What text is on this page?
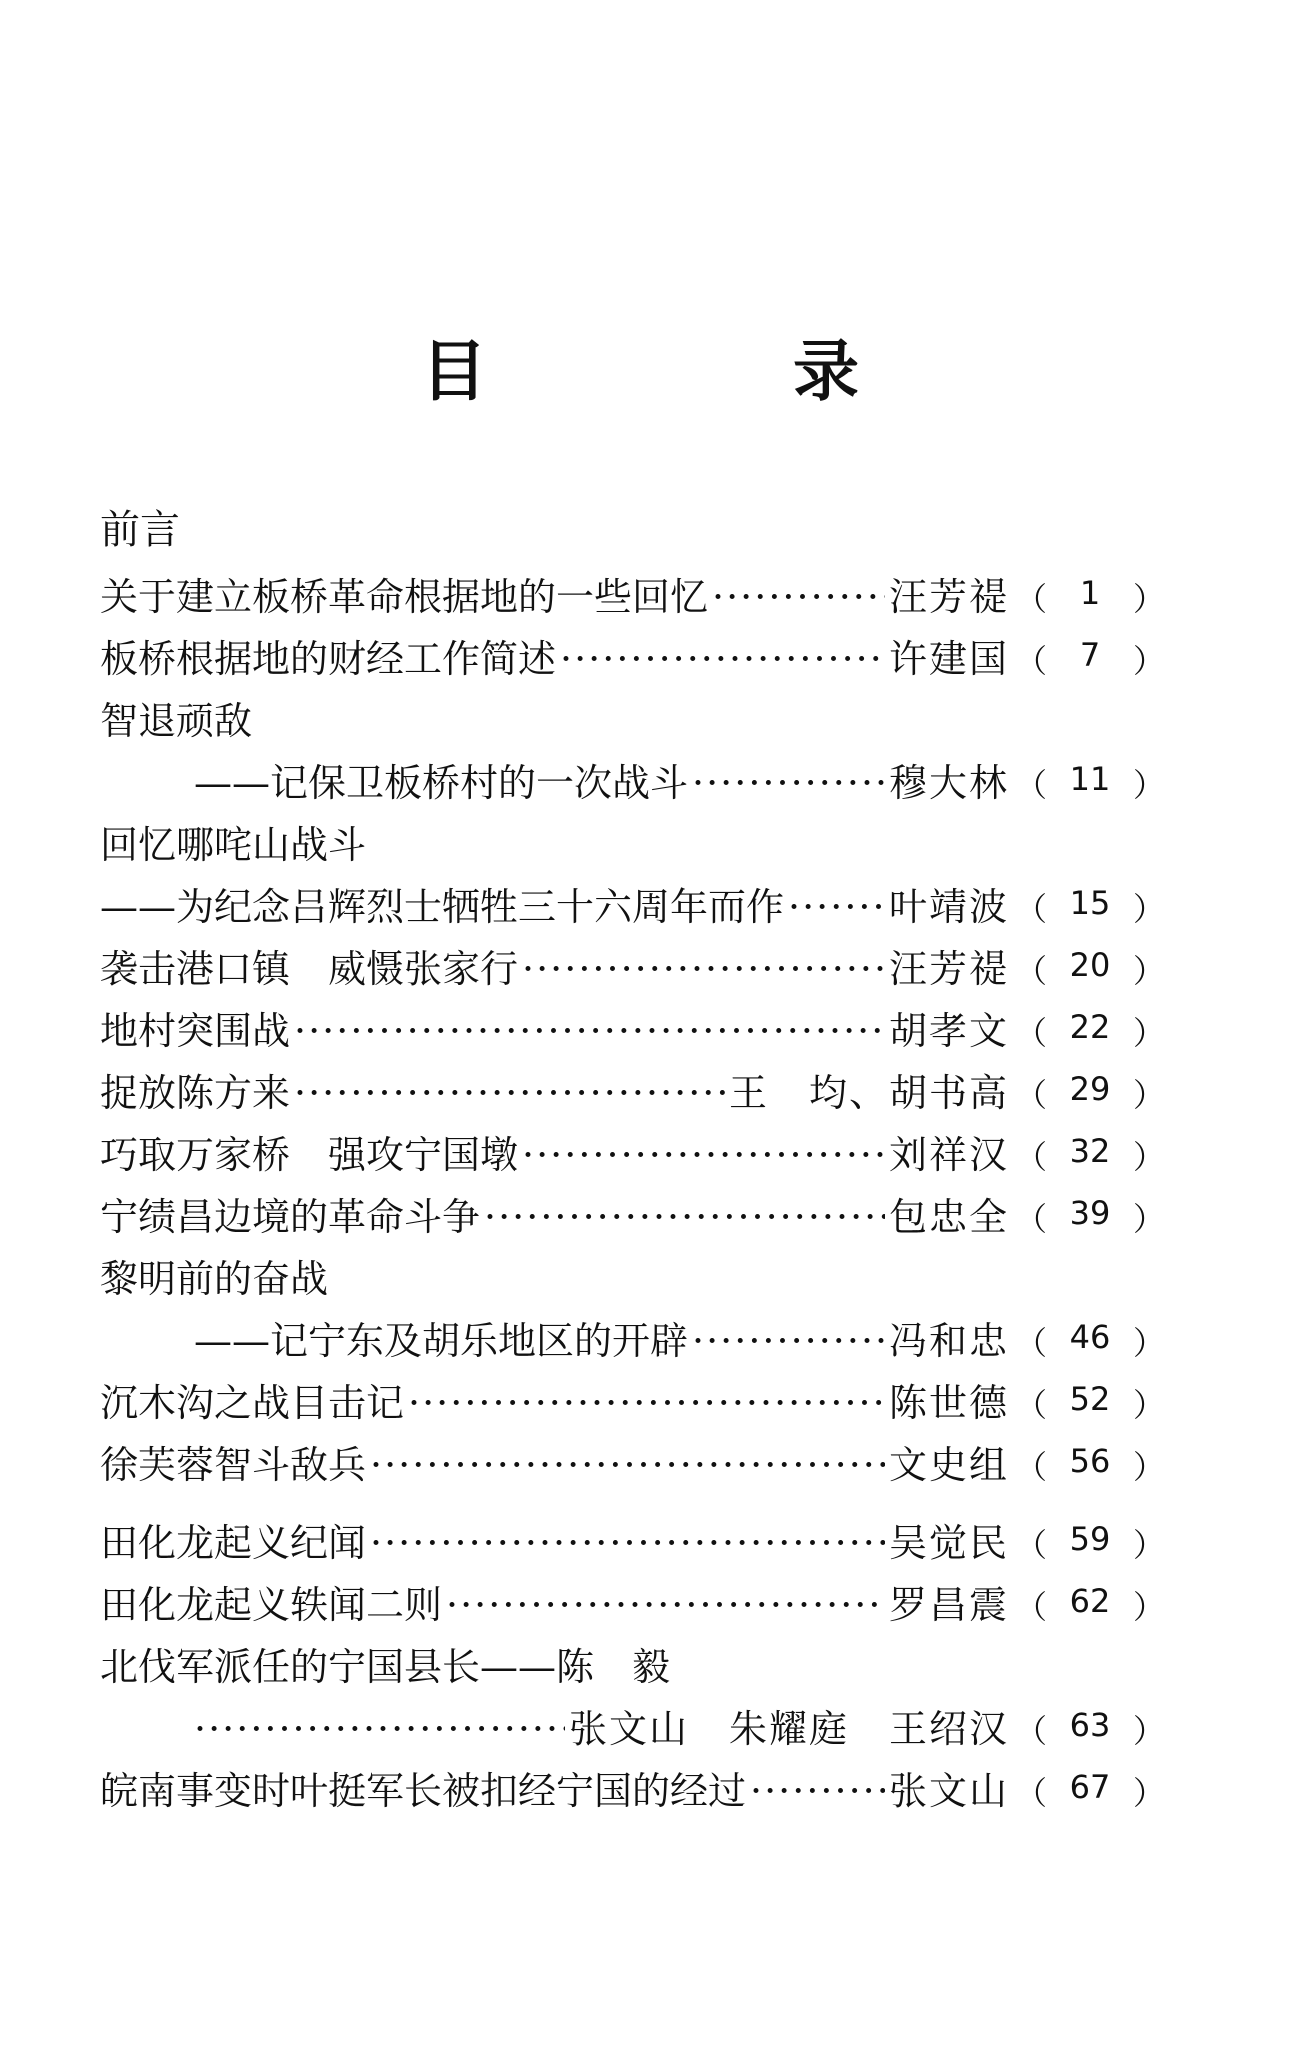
目　录
前言
关于建立板桥革命根据地的一些回忆 ·····	汪芳禔 （	1	）
板桥根据地的财经工作简述 ·····	许建国 （	7	）
智退顽敌
——记保卫板桥村的一次战斗 ·····	穆大林 （ 11 ）
回忆哪咤山战斗
——为纪念吕辉烈士牺牲三十六周年而作 ·····	叶靖波 （ 15 ）
袭击港口镇　威慑张家行 ·····	汪芳禔 （ 20 ）
地村突围战 ·····	胡孝文 （ 22 ）
捉放陈方来 ·····	王　均、胡书高 （ 29 ）
巧取万家桥　强攻宁国墩 ·····	刘祥汉 （ 32 ）
宁绩昌边境的革命斗争 ·····	包忠全 （ 39 ）
黎明前的奋战
——记宁东及胡乐地区的开辟 ·····	冯和忠 （ 46 ）
沉木沟之战目击记 ·····	陈世德 （ 52 ）
徐芙蓉智斗敌兵 ·····	文史组 （ 56 ）
田化龙起义纪闻 ·····	吴觉民 （ 59 ）
田化龙起义轶闻二则 ·····	罗昌震 （ 62 ）
北伐军派任的宁国县长——陈　毅
·····
张文山　朱耀庭　王绍汉 （ 63 ）
皖南事变时叶挺军长被扣经宁国的经过 ·····	张文山 （ 67 ）
